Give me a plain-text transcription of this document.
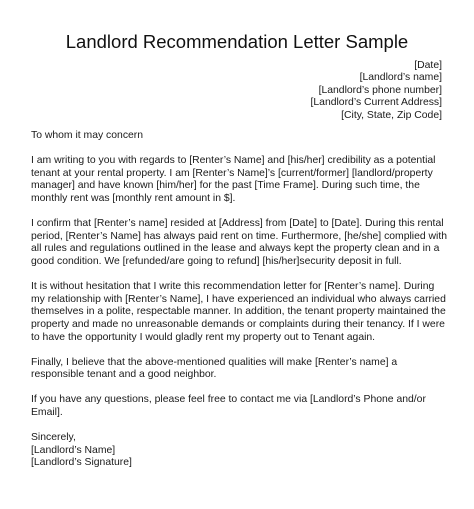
Landlord Recommendation Letter Sample
[Date]
[Landlord’s name]
[Landlord’s phone number]
[Landlord’s Current Address]
[City, State, Zip Code]

To whom it may concern

I am writing to you with regards to [Renter’s Name] and [his/her] credibility as a potential tenant at your rental property. I am [Renter’s Name]’s [current/former] [landlord/property manager] and have known [him/her] for the past [Time Frame]. During such time, the monthly rent was [monthly rent amount in $].

I confirm that [Renter’s name] resided at [Address] from [Date] to [Date]. During this rental period, [Renter’s Name] has always paid rent on time. Furthermore, [he/she] complied with all rules and regulations outlined in the lease and always kept the property clean and in a good condition. We [refunded/are going to refund] [his/her]security deposit in full.

It is without hesitation that I write this recommendation letter for [Renter’s name]. During my relationship with [Renter’s Name], I have experienced an individual who always carried themselves in a polite, respectable manner. In addition, the tenant property maintained the property and made no unreasonable demands or complaints during their tenancy. If I were to have the opportunity I would gladly rent my property out to Tenant again.

Finally, I believe that the above-mentioned qualities will make [Renter’s name] a responsible tenant and a good neighbor.

If you have any questions, please feel free to contact me via [Landlord’s Phone and/or Email].

Sincerely,
[Landlord’s Name]
[Landlord’s Signature]
